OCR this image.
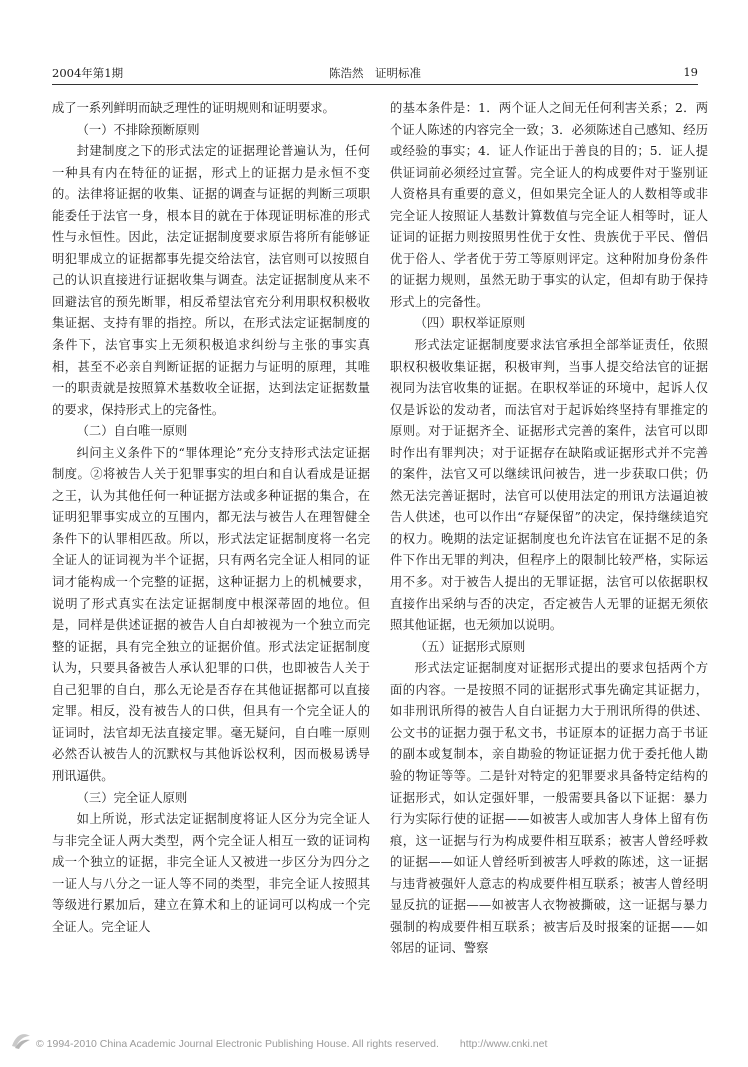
2004年第1期	陈浩然　证明标准	19

成了一系列鲜明而缺乏理性的证明规则和证明要求。

（一）不排除预断原则

封建制度之下的形式法定的证据理论普遍认为，任何一种具有内在特征的证据，形式上的证据力是永恒不变的。法律将证据的收集、证据的调查与证据的判断三项职能委任于法官一身，根本目的就在于体现证明标准的形式性与永恒性。因此，法定证据制度要求原告将所有能够证明犯罪成立的证据都事先提交给法官，法官则可以按照自己的认识直接进行证据收集与调查。法定证据制度从来不回避法官的预先断罪，相反希望法官充分利用职权积极收集证据、支持有罪的指控。所以，在形式法定证据制度的条件下，法官事实上无须积极追求纠纷与主张的事实真相，甚至不必亲自判断证据的证据力与证明的原理，其唯一的职责就是按照算术基数收全证据，达到法定证据数量的要求，保持形式上的完备性。

（二）自白唯一原则

纠问主义条件下的“罪体理论”充分支持形式法定证据制度。②将被告人关于犯罪事实的坦白和自认看成是证据之王，认为其他任何一种证据方法或多种证据的集合，在证明犯罪事实成立的互围内，都无法与被告人在理智健全条件下的认罪相匹敌。所以，形式法定证据制度将一名完全证人的证词视为半个证据，只有两名完全证人相同的证词才能构成一个完整的证据，这种证据力上的机械要求，说明了形式真实在法定证据制度中根深蒂固的地位。但是，同样是供述证据的被告人自白却被视为一个独立而完整的证据，具有完全独立的证据价值。形式法定证据制度认为，只要具备被告人承认犯罪的口供，也即被告人关于自己犯罪的自白，那么无论是否存在其他证据都可以直接定罪。相反，没有被告人的口供，但具有一个完全证人的证词时，法官却无法直接定罪。毫无疑问，自白唯一原则必然否认被告人的沉默权与其他诉讼权利，因而极易诱导刑讯逼供。

（三）完全证人原则

如上所说，形式法定证据制度将证人区分为完全证人与非完全证人两大类型，两个完全证人相互一致的证词构成一个独立的证据，非完全证人又被进一步区分为四分之一证人与八分之一证人等不同的类型，非完全证人按照其等级进行累加后，建立在算术和上的证词可以构成一个完全证人。完全证人

的基本条件是：1．两个证人之间无任何利害关系；2．两个证人陈述的内容完全一致；3．必须陈述自己感知、经历或经验的事实；4．证人作证出于善良的目的；5．证人提供证词前必须经过宣誓。完全证人的构成要件对于鉴别证人资格具有重要的意义，但如果完全证人的人数相等或非完全证人按照证人基数计算数值与完全证人相等时，证人证词的证据力则按照男性优于女性、贵族优于平民、僧侣优于俗人、学者优于劳工等原则评定。这种附加身份条件的证据力规则，虽然无助于事实的认定，但却有助于保持形式上的完备性。

（四）职权举证原则

形式法定证据制度要求法官承担全部举证责任，依照职权积极收集证据，积极审判，当事人提交给法官的证据视同为法官收集的证据。在职权举证的环境中，起诉人仅仅是诉讼的发动者，而法官对于起诉始终坚持有罪推定的原则。对于证据齐全、证据形式完善的案件，法官可以即时作出有罪判决；对于证据存在缺陷或证据形式并不完善的案件，法官又可以继续讯问被告，进一步获取口供；仍然无法完善证据时，法官可以使用法定的刑讯方法逼迫被告人供述，也可以作出“存疑保留”的决定，保持继续追究的权力。晚期的法定证据制度也允许法官在证据不足的条件下作出无罪的判决，但程序上的限制比较严格，实际运用不多。对于被告人提出的无罪证据，法官可以依据职权直接作出采纳与否的决定，否定被告人无罪的证据无须依照其他证据，也无须加以说明。

（五）证据形式原则

形式法定证据制度对证据形式提出的要求包括两个方面的内容。一是按照不同的证据形式事先确定其证据力，如非刑讯所得的被告人自白证据力大于刑讯所得的供述、公文书的证据力强于私文书，书证原本的证据力高于书证的副本或复制本，亲自勘验的物证证据力优于委托他人勘验的物证等等。二是针对特定的犯罪要求具备特定结构的证据形式，如认定强奸罪，一般需要具备以下证据：暴力行为实际行使的证据——如被害人或加害人身体上留有伤痕，这一证据与行为构成要件相互联系；被害人曾经呼救的证据——如证人曾经听到被害人呼救的陈述，这一证据与违背被强奸人意志的构成要件相互联系；被害人曾经明显反抗的证据——如被害人衣物被撕破，这一证据与暴力强制的构成要件相互联系；被害后及时报案的证据——如邻居的证词、警察

© 1994-2010 China Academic Journal Electronic Publishing House. All rights reserved.　　http://www.cnki.net
